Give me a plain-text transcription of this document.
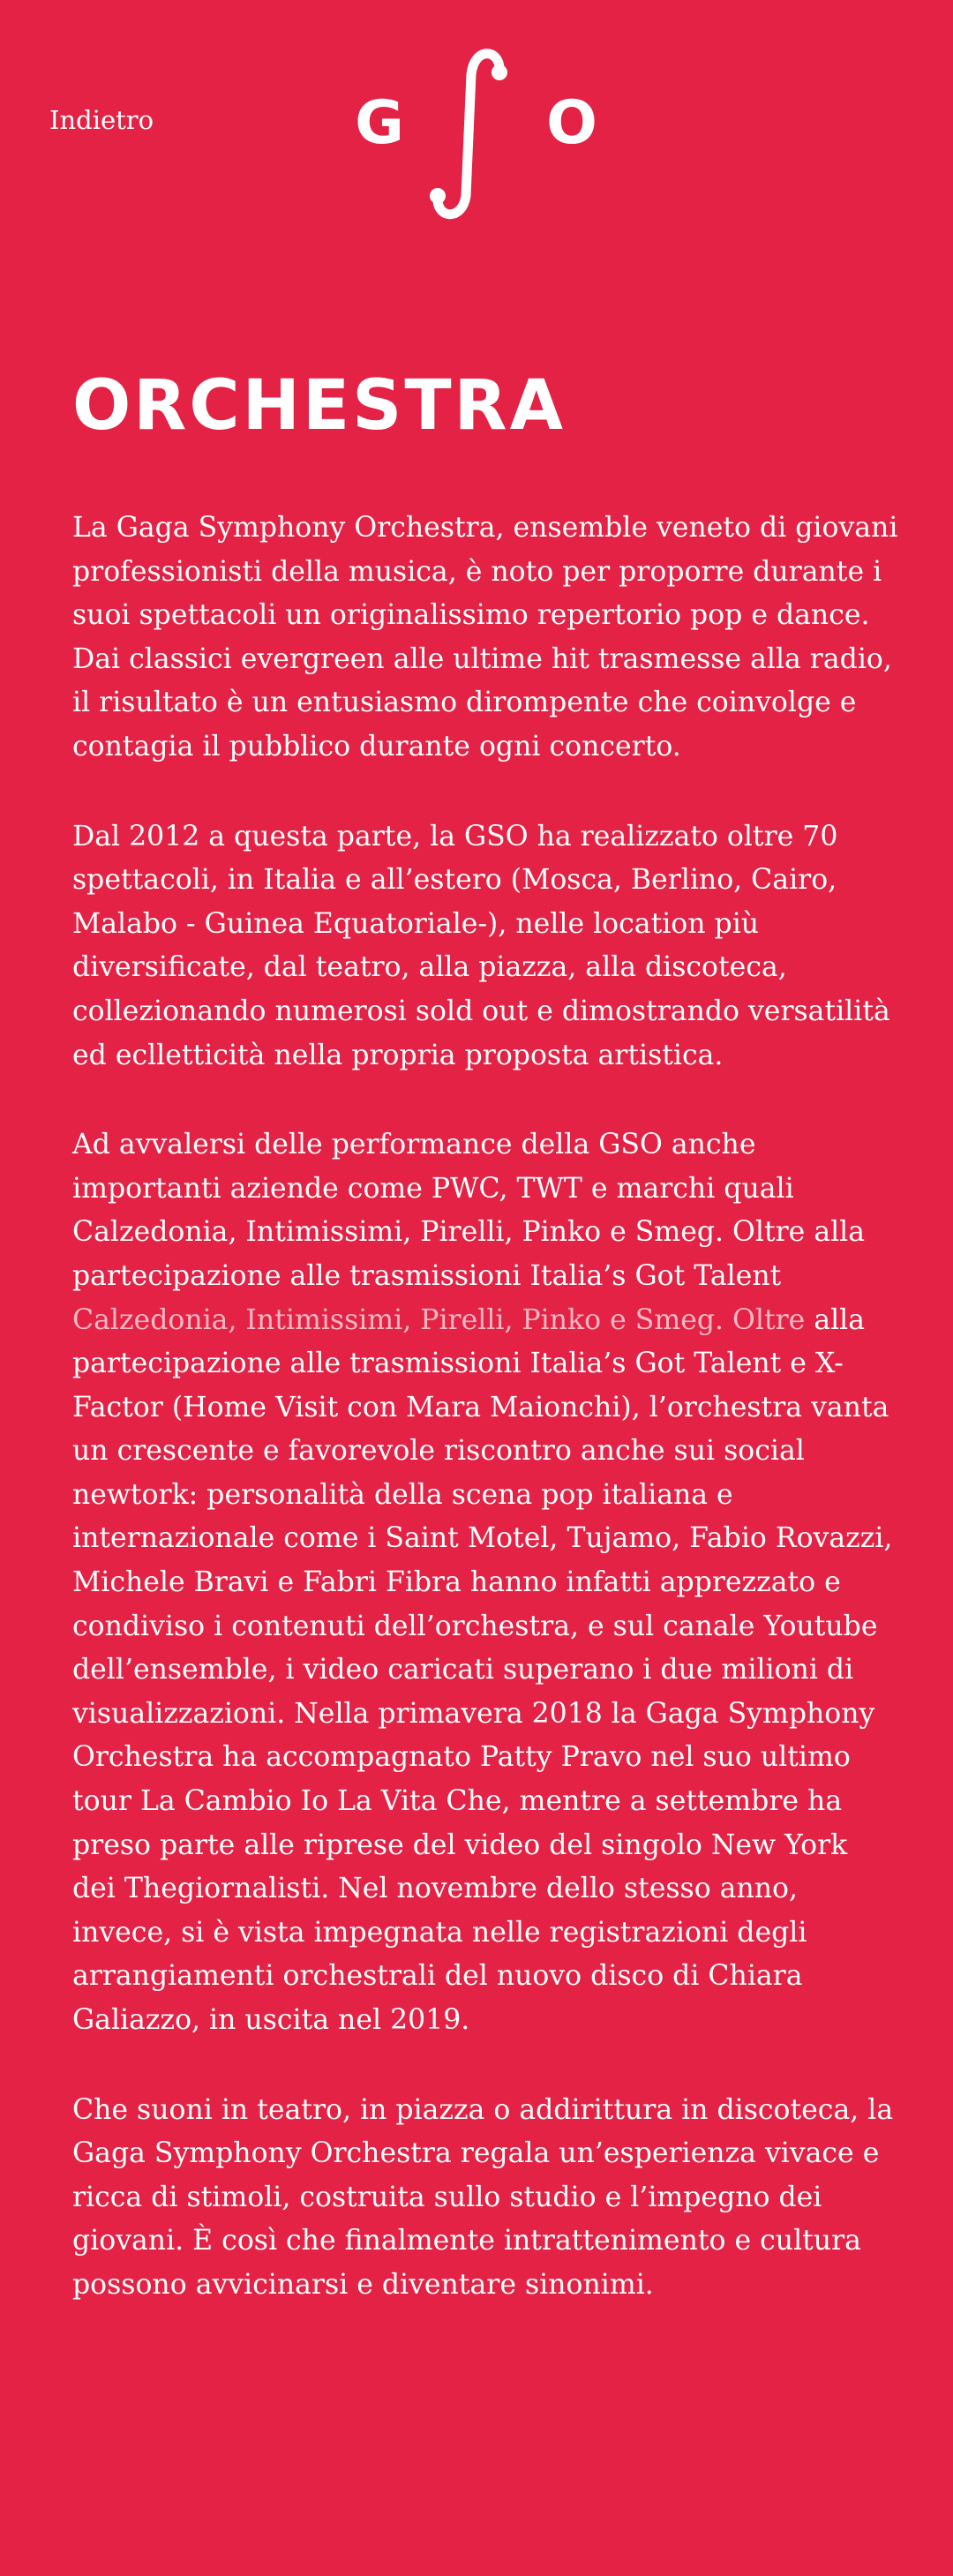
Indietro	G O
ORCHESTRA

La Gaga Symphony Orchestra, ensemble veneto di giovani professionisti della musica, è noto per proporre durante i suoi spettacoli un originalissimo repertorio pop e dance. Dai classici evergreen alle ultime hit trasmesse alla radio, il risultato è un entusiasmo dirompente che coinvolge e contagia il pubblico durante ogni concerto.

Dal 2012 a questa parte, la GSO ha realizzato oltre 70 spettacoli, in Italia e all’estero (Mosca, Berlino, Cairo, Malabo - Guinea Equatoriale-), nelle location più diversificate, dal teatro, alla piazza, alla discoteca, collezionando numerosi sold out e dimostrando versatilità ed eclletticità nella propria proposta artistica.

Ad avvalersi delle performance della GSO anche importanti aziende come PWC, TWT e marchi quali Calzedonia, Intimissimi, Pirelli, Pinko e Smeg. Oltre alla partecipazione alle trasmissioni Italia’s Got Talent Calzedonia, Intimissimi, Pirelli, Pinko e Smeg. Oltre alla partecipazione alle trasmissioni Italia’s Got Talent e X-Factor (Home Visit con Mara Maionchi), l’orchestra vanta un crescente e favorevole riscontro anche sui social newtork: personalità della scena pop italiana e internazionale come i Saint Motel, Tujamo, Fabio Rovazzi, Michele Bravi e Fabri Fibra hanno infatti apprezzato e condiviso i contenuti dell’orchestra, e sul canale Youtube dell’ensemble, i video caricati superano i due milioni di visualizzazioni. Nella primavera 2018 la Gaga Symphony Orchestra ha accompagnato Patty Pravo nel suo ultimo tour La Cambio Io La Vita Che, mentre a settembre ha preso parte alle riprese del video del singolo New York dei Thegiornalisti. Nel novembre dello stesso anno, invece, si è vista impegnata nelle registrazioni degli arrangiamenti orchestrali del nuovo disco di Chiara Galiazzo, in uscita nel 2019.

Che suoni in teatro, in piazza o addirittura in discoteca, la Gaga Symphony Orchestra regala un’esperienza vivace e ricca di stimoli, costruita sullo studio e l’impegno dei giovani. È così che finalmente intrattenimento e cultura possono avvicinarsi e diventare sinonimi.
